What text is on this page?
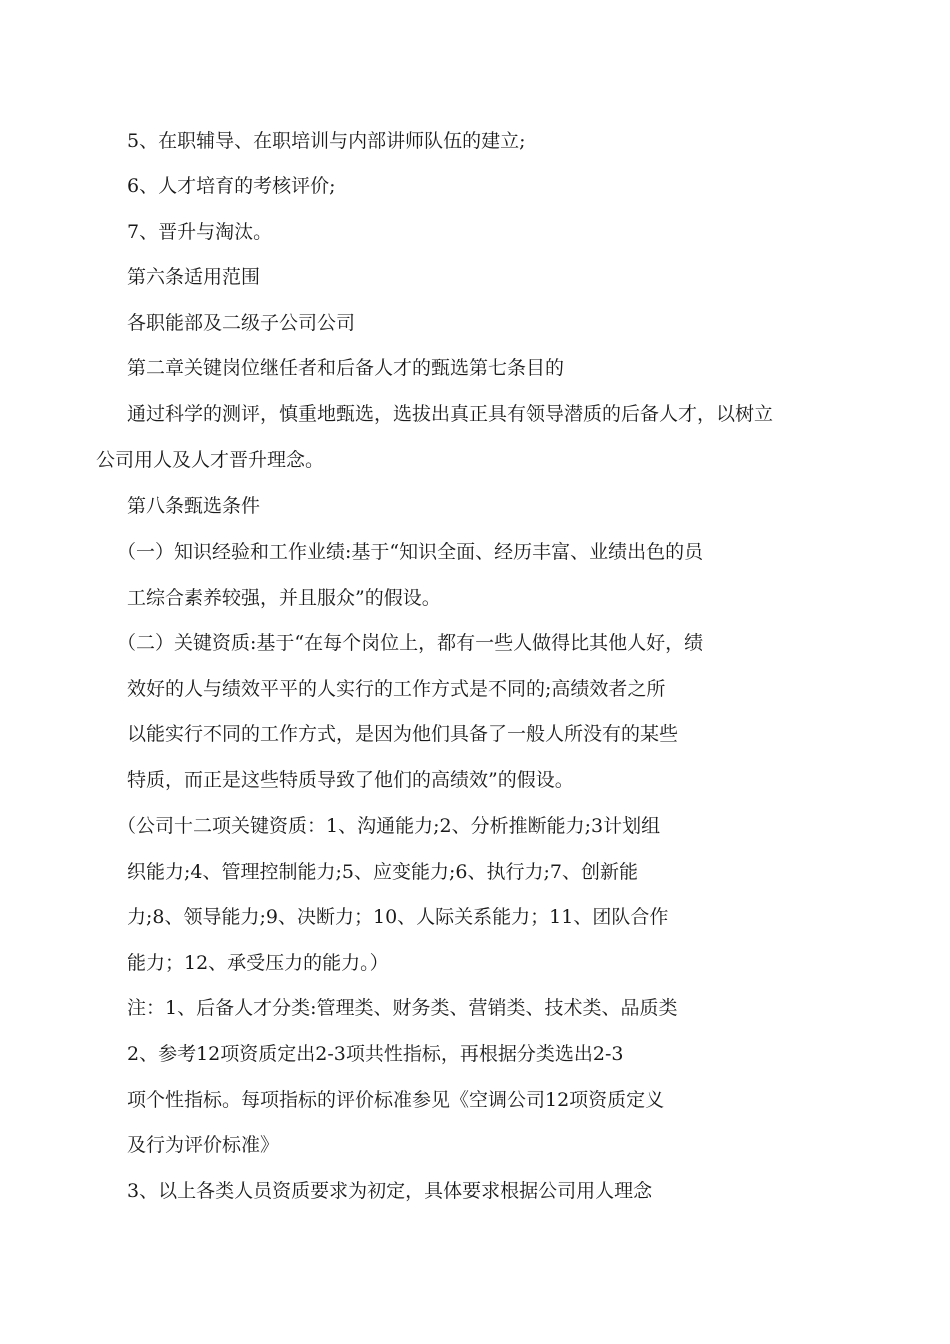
5、在职辅导、在职培训与内部讲师队伍的建立;

6、人才培育的考核评价;

7、晋升与淘汰。

第六条适用范围

各职能部及二级子公司公司

第二章关键岗位继任者和后备人才的甄选第七条目的

通过科学的测评，慎重地甄选，选拔出真正具有领导潜质的后备人才，以树立

公司用人及人才晋升理念。

第八条甄选条件

（一）知识经验和工作业绩:基于“知识全面、经历丰富、业绩出色的员

工综合素养较强，并且服众”的假设。

（二）关键资质:基于“在每个岗位上，都有一些人做得比其他人好，绩

效好的人与绩效平平的人实行的工作方式是不同的;高绩效者之所

以能实行不同的工作方式，是因为他们具备了一般人所没有的某些

特质，而正是这些特质导致了他们的高绩效”的假设。

（公司十二项关键资质：1、沟通能力;2、分析推断能力;3计划组

织能力;4、管理控制能力;5、应变能力;6、执行力;7、创新能

力;8、领导能力;9、决断力；10、人际关系能力；11、团队合作

能力；12、承受压力的能力。）

注：1、后备人才分类:管理类、财务类、营销类、技术类、品质类

2、参考12项资质定出2-3项共性指标，再根据分类选出2-3

项个性指标。每项指标的评价标准参见《空调公司12项资质定义

及行为评价标准》

3、以上各类人员资质要求为初定，具体要求根据公司用人理念
